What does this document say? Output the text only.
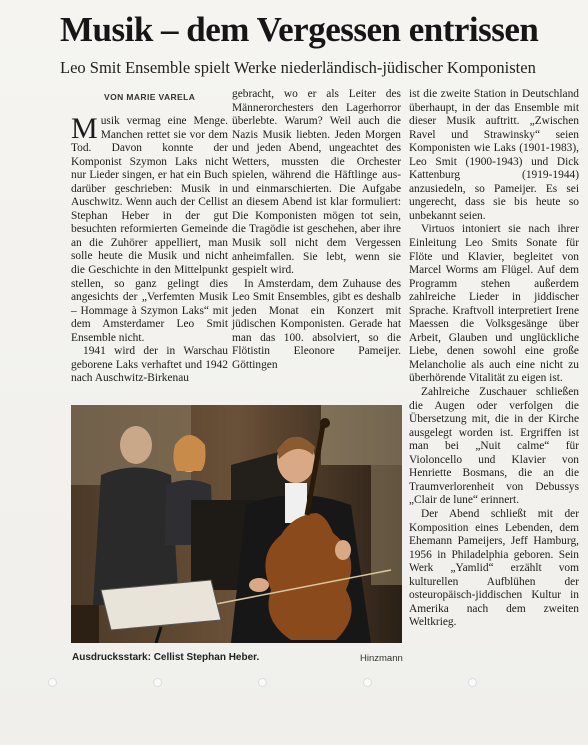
Musik – dem Vergessen entrissen
Leo Smit Ensemble spielt Werke niederländisch-jüdischer Komponisten
VON MARIE VARELA

Musik vermag eine Menge. Manchen rettet sie vor dem Tod. Davon konnte der Komponist Szymon Laks nicht nur Lieder singen, er hat ein Buch darüber geschrieben: Musik in Auschwitz. Wenn auch der Cellist Stephan Heber in der gut besuchten reformierten Gemeinde an die Zuhörer appelliert, man solle heute die Musik und nicht die Geschichte in den Mittelpunkt stellen, so ganz gelingt dies angesichts der „Verfemten Musik – Hommage à Szymon Laks“ mit dem Amsterdamer Leo Smit Ensemble nicht.

1941 wird der in Warschau geborene Laks verhaftet und 1942 nach Auschwitz-Birkenau

gebracht, wo er als Leiter des Männerorchesters den Lagerhorror überlebte. Warum? Weil auch die Nazis Musik liebten. Jeden Morgen und jeden Abend, ungeachtet des Wetters, mussten die Orchester spielen, während die Häftlinge aus- und einmarschierten. Die Aufgabe an diesem Abend ist klar formuliert: Die Komponisten mögen tot sein, die Tragödie ist geschehen, aber ihre Musik soll nicht dem Vergessen anheimfallen. Sie lebt, wenn sie gespielt wird.

In Amsterdam, dem Zuhause des Leo Smit Ensembles, gibt es deshalb jeden Monat ein Konzert mit jüdischen Komponisten. Gerade hat man das 100. absolviert, so die Flötistin Eleonore Pameijer. Göttingen

ist die zweite Station in Deutschland überhaupt, in der das Ensemble mit dieser Musik auftritt. „Zwischen Ravel und Strawinsky“ seien Komponisten wie Laks (1901-1983), Leo Smit (1900-1943) und Dick Kattenburg (1919-1944) anzusiedeln, so Pameijer. Es sei ungerecht, dass sie bis heute so unbekannt seien.

Virtuos intoniert sie nach ihrer Einleitung Leo Smits Sonate für Flöte und Klavier, begleitet von Marcel Worms am Flügel. Auf dem Programm stehen außerdem zahlreiche Lieder in jiddischer Sprache. Kraftvoll interpretiert Irene Maessen die Volksgesänge über Arbeit, Glauben und unglückliche Liebe, denen sowohl eine große Melancholie als auch eine nicht zu überhörende Vitalität zu eigen ist.

Zahlreiche Zuschauer schließen die Augen oder verfolgen die Übersetzung mit, die in der Kirche ausgelegt worden ist. Ergriffen ist man bei „Nuit calme“ für Violoncello und Klavier von Henriette Bosmans, die an die Traumverlorenheit von Debussys „Clair de lune“ erinnert.

Der Abend schließt mit der Komposition eines Lebenden, dem Ehemann Pameijers, Jeff Hamburg, 1956 in Philadelphia geboren. Sein Werk „Yamlid“ erzählt vom kulturellen Aufblühen der osteuropäisch-jiddischen Kultur in Amerika nach dem zweiten Weltkrieg.

Ausdrucksstark: Cellist Stephan Heber.	Hinzmann
